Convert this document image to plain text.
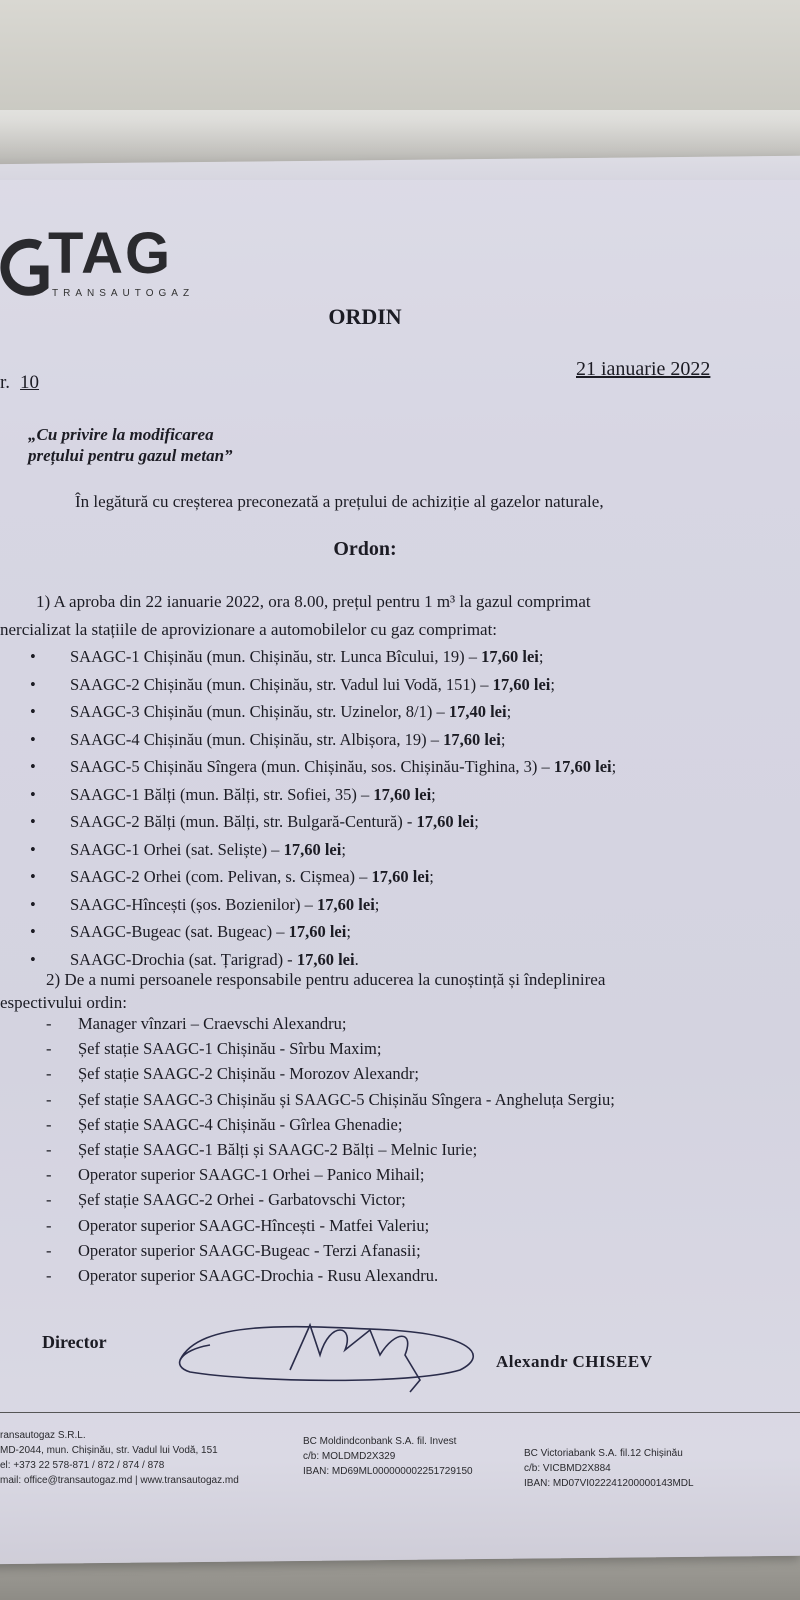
TAG
TRANSAUTOGAZ
ORDIN
r. 10
21 ianuarie 2022
„Cu privire la modificarea
prețului pentru gazul metan”
În legătură cu creșterea preconezată a prețului de achiziție al gazelor naturale,
Ordon:
1) A aproba din 22 ianuarie 2022, ora 8.00, prețul pentru 1 m³ la gazul comprimat
nercializat la stațiile de aprovizionare a automobilelor cu gaz comprimat:
• SAAGC-1 Chișinău (mun. Chișinău, str. Lunca Bîcului, 19) – 17,60 lei;
• SAAGC-2 Chișinău (mun. Chișinău, str. Vadul lui Vodă, 151) – 17,60 lei;
• SAAGC-3 Chișinău (mun. Chișinău, str. Uzinelor, 8/1) – 17,40 lei;
• SAAGC-4 Chișinău (mun. Chișinău, str. Albișora, 19) – 17,60 lei;
• SAAGC-5 Chișinău Sîngera (mun. Chișinău, sos. Chișinău-Tighina, 3) – 17,60 lei;
• SAAGC-1 Bălți (mun. Bălți, str. Sofiei, 35) – 17,60 lei;
• SAAGC-2 Bălți (mun. Bălți, str. Bulgară-Centură) - 17,60 lei;
• SAAGC-1 Orhei (sat. Seliște) – 17,60 lei;
• SAAGC-2 Orhei (com. Pelivan, s. Cișmea) – 17,60 lei;
• SAAGC-Hîncești (șos. Bozienilor) – 17,60 lei;
• SAAGC-Bugeac (sat. Bugeac) – 17,60 lei;
• SAAGC-Drochia (sat. Țarigrad) - 17,60 lei.
2) De a numi persoanele responsabile pentru aducerea la cunoștință și îndeplinirea
espectivului ordin:
- Manager vînzari – Craevschi Alexandru;
- Șef stație SAAGC-1 Chișinău - Sîrbu Maxim;
- Șef stație SAAGC-2 Chișinău - Morozov Alexandr;
- Șef stație SAAGC-3 Chișinău și SAAGC-5 Chișinău Sîngera - Angheluța Sergiu;
- Șef stație SAAGC-4 Chișinău - Gîrlea Ghenadie;
- Șef stație SAAGC-1 Bălți și SAAGC-2 Bălți – Melnic Iurie;
- Operator superior SAAGC-1 Orhei – Panico Mihail;
- Șef stație SAAGC-2 Orhei - Garbatovschi Victor;
- Operator superior SAAGC-Hîncești - Matfei Valeriu;
- Operator superior SAAGC-Bugeac - Terzi Afanasii;
- Operator superior SAAGC-Drochia - Rusu Alexandru.
Director
Alexandr CHISEEV
ransautogaz S.R.L.
MD-2044, mun. Chișinău, str. Vadul lui Vodă, 151
el: +373 22 578-871 / 872 / 874 / 878
mail: office@transautogaz.md | www.transautogaz.md
BC Moldindconbank S.A. fil. Invest
c/b: MOLDMD2X329
IBAN: MD69ML000000002251729150
BC Victoriabank S.A. fil.12 Chișinău
c/b: VICBMD2X884
IBAN: MD07VI022241200000143MDL
